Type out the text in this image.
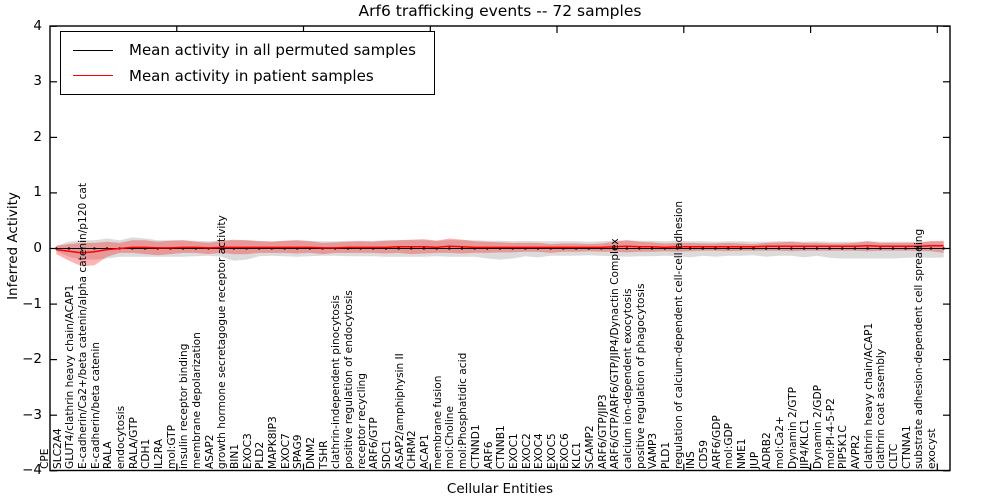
Arf6 trafficking events -- 72 samples
Mean activity in all permuted samples
Mean activity in patient samples
Inferred Activity
Cellular Entities
−4
−3
−2
−1
0
1
2
3
4
CPE SLC2A4 GLUT4/clathrin heavy chain/ACAP1 E-cadherin/Ca2+/beta catenin/alpha catenin/p120 cat E-cadherin/beta catenin RALA endocytosis RALA/GTP CDH1 IL2RA mol:GTP insulin receptor binding membrane depolarization ASAP2 growth hormone secretagogue receptor activity BIN1 EXOC3 PLD2 MAPK8IP3 EXOC7 SPAG9 DNM2 TSHR clathrin-independent pinocytosis positive regulation of endocytosis receptor recycling ARF6/GTP SDC1 ASAP2/amphiphysin II CHRM2 ACAP1 membrane fusion mol:Choline mol:Phosphatidic acid CTNND1 ARF6 CTNNB1 EXOC1 EXOC2 EXOC4 EXOC5 EXOC6 KLC1 SCAMP2 ARF6/GTP/JIP3 ARF6/GTP/ARF6/GTP/JIP4/Dynactin Complex calcium ion-dependent exocytosis positive regulation of phagocytosis VAMP3 PLD1 regulation of calcium-dependent cell-cell adhesion INS CD59 ARF6/GDP mol:GDP NME1 JUP ADRB2 mol:Ca2+ Dynamin 2/GTP JIP4/KLC1 Dynamin 2/GDP mol:PI-4-5-P2 PIP5K1C AVPR2 clathrin heavy chain/ACAP1 clathrin coat assembly CLTC CTNNA1 substrate adhesion-dependent cell spreading exocyst
